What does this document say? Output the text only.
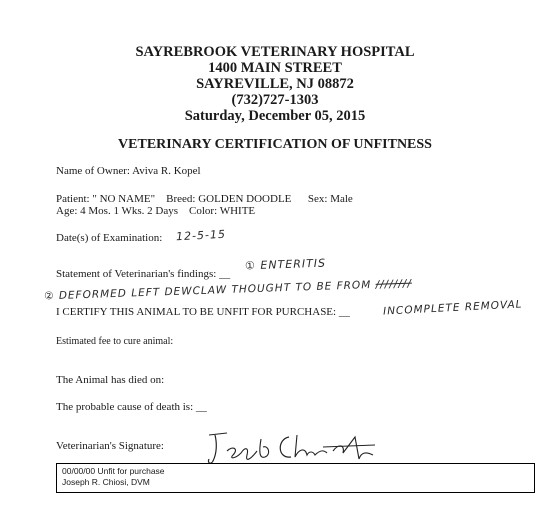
SAYREBROOK VETERINARY HOSPITAL
1400 MAIN STREET
SAYREVILLE, NJ 08872
(732)727-1303
Saturday, December 05, 2015
VETERINARY CERTIFICATION OF UNFITNESS
Name of Owner: Aviva R. Kopel
Patient: " NO NAME" Breed: GOLDEN DOODLE Sex: Male
Age: 4 Mos. 1 Wks. 2 Days Color: WHITE
Date(s) of Examination: 12-5-15
Statement of Veterinarian's findings: __
① ENTERITIS
② DEFORMED LEFT DEWCLAW THOUGHT TO BE FROM ////////
I CERTIFY THIS ANIMAL TO BE UNFIT FOR PURCHASE: __	INCOMPLETE REMOVAL
Estimated fee to cure animal:
The Animal has died on:
The probable cause of death is: __
Veterinarian's Signature:
00/00/00 Unfit for purchase
Joseph R. Chiosi, DVM
